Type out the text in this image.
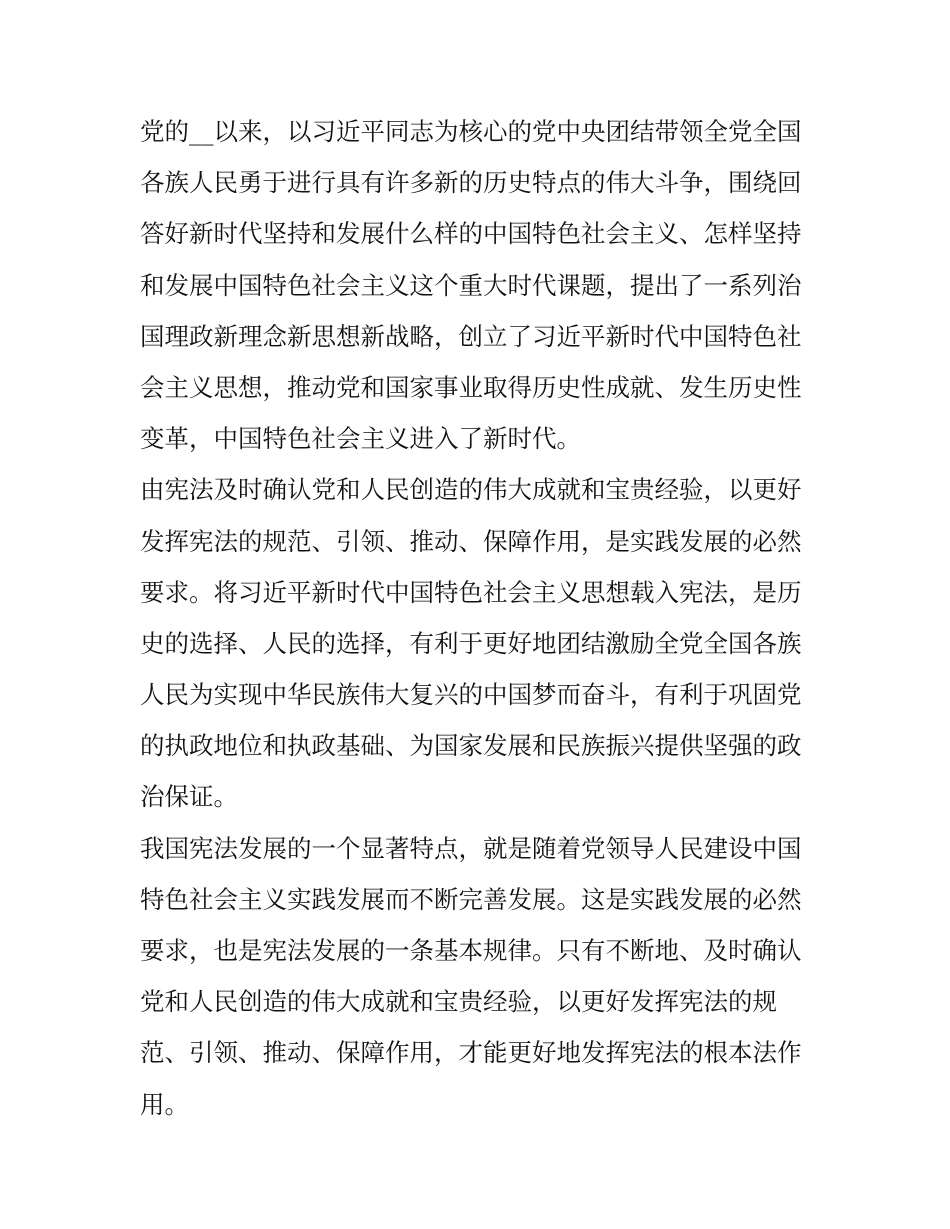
党的__以来，以习近平同志为核心的党中央团结带领全党全国
各族人民勇于进行具有许多新的历史特点的伟大斗争，围绕回
答好新时代坚持和发展什么样的中国特色社会主义、怎样坚持
和发展中国特色社会主义这个重大时代课题，提出了一系列治
国理政新理念新思想新战略，创立了习近平新时代中国特色社
会主义思想，推动党和国家事业取得历史性成就、发生历史性
变革，中国特色社会主义进入了新时代。
由宪法及时确认党和人民创造的伟大成就和宝贵经验，以更好
发挥宪法的规范、引领、推动、保障作用，是实践发展的必然
要求。将习近平新时代中国特色社会主义思想载入宪法，是历
史的选择、人民的选择，有利于更好地团结激励全党全国各族
人民为实现中华民族伟大复兴的中国梦而奋斗，有利于巩固党
的执政地位和执政基础、为国家发展和民族振兴提供坚强的政
治保证。
我国宪法发展的一个显著特点，就是随着党领导人民建设中国
特色社会主义实践发展而不断完善发展。这是实践发展的必然
要求，也是宪法发展的一条基本规律。只有不断地、及时确认
党和人民创造的伟大成就和宝贵经验，以更好发挥宪法的规
范、引领、推动、保障作用，才能更好地发挥宪法的根本法作
用。
